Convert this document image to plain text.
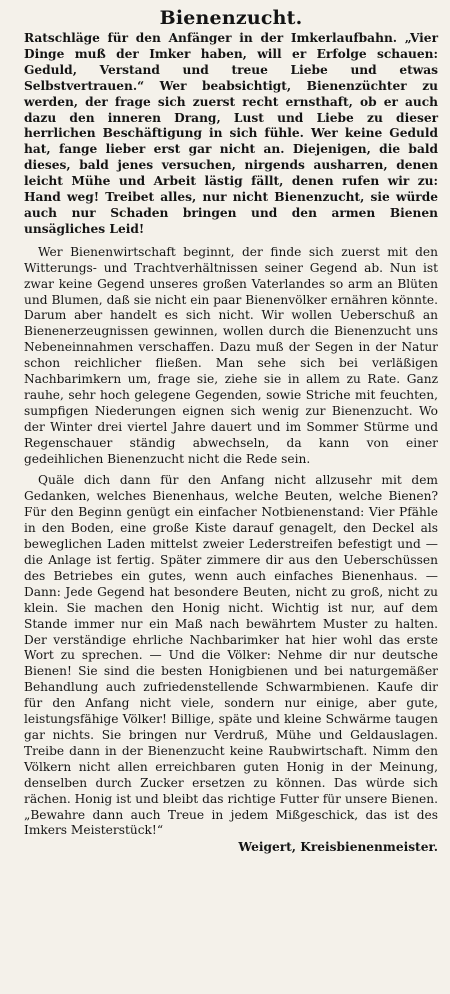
Bienenzucht.

Ratschläge für den Anfänger in der Imkerlaufbahn. „Vier Dinge muß der Imker haben, will er Erfolge schauen: Geduld, Verstand und treue Liebe und etwas Selbstvertrauen.“ Wer beabsichtigt, Bienenzüchter zu werden, der frage sich zuerst recht ernsthaft, ob er auch dazu den inneren Drang, Lust und Liebe zu dieser herrlichen Beschäftigung in sich fühle. Wer keine Geduld hat, fange lieber erst gar nicht an. Diejenigen, die bald dieses, bald jenes versuchen, nirgends ausharren, denen leicht Mühe und Arbeit lästig fällt, denen rufen wir zu: Hand weg! Treibet alles, nur nicht Bienenzucht, sie würde auch nur Schaden bringen und den armen Bienen unsägliches Leid!

Wer Bienenwirtschaft beginnt, der finde sich zuerst mit den Witterungs- und Trachtverhältnissen seiner Gegend ab. Nun ist zwar keine Gegend unseres großen Vaterlandes so arm an Blüten und Blumen, daß sie nicht ein paar Bienenvölker ernähren könnte. Darum aber handelt es sich nicht. Wir wollen Ueberschuß an Bienenerzeugnissen gewinnen, wollen durch die Bienenzucht uns Nebeneinnahmen verschaffen. Dazu muß der Segen in der Natur schon reichlicher fließen. Man sehe sich bei verläßigen Nachbarimkern um, frage sie, ziehe sie in allem zu Rate. Ganz rauhe, sehr hoch gelegene Gegenden, sowie Striche mit feuchten, sumpfigen Niederungen eignen sich wenig zur Bienenzucht. Wo der Winter drei viertel Jahre dauert und im Sommer Stürme und Regenschauer ständig abwechseln, da kann von einer gedeihlichen Bienenzucht nicht die Rede sein.

Quäle dich dann für den Anfang nicht allzusehr mit dem Gedanken, welches Bienenhaus, welche Beuten, welche Bienen? Für den Beginn genügt ein einfacher Notbienenstand: Vier Pfähle in den Boden, eine große Kiste darauf genagelt, den Deckel als beweglichen Laden mittelst zweier Lederstreifen befestigt und — die Anlage ist fertig. Später zimmere dir aus den Ueberschüssen des Betriebes ein gutes, wenn auch einfaches Bienenhaus. — Dann: Jede Gegend hat besondere Beuten, nicht zu groß, nicht zu klein. Sie machen den Honig nicht. Wichtig ist nur, auf dem Stande immer nur ein Maß nach bewährtem Muster zu halten. Der verständige ehrliche Nachbarimker hat hier wohl das erste Wort zu sprechen. — Und die Völker: Nehme dir nur deutsche Bienen! Sie sind die besten Honigbienen und bei naturgemäßer Behandlung auch zufriedenstellende Schwarmbienen. Kaufe dir für den Anfang nicht viele, sondern nur einige, aber gute, leistungsfähige Völker! Billige, späte und kleine Schwärme taugen gar nichts. Sie bringen nur Verdruß, Mühe und Geldauslagen. Treibe dann in der Bienenzucht keine Raubwirtschaft. Nimm den Völkern nicht allen erreichbaren guten Honig in der Meinung, denselben durch Zucker ersetzen zu können. Das würde sich rächen. Honig ist und bleibt das richtige Futter für unsere Bienen. „Bewahre dann auch Treue in jedem Mißgeschick, das ist des Imkers Meisterstück!“

Weigert, Kreisbienenmeister.
